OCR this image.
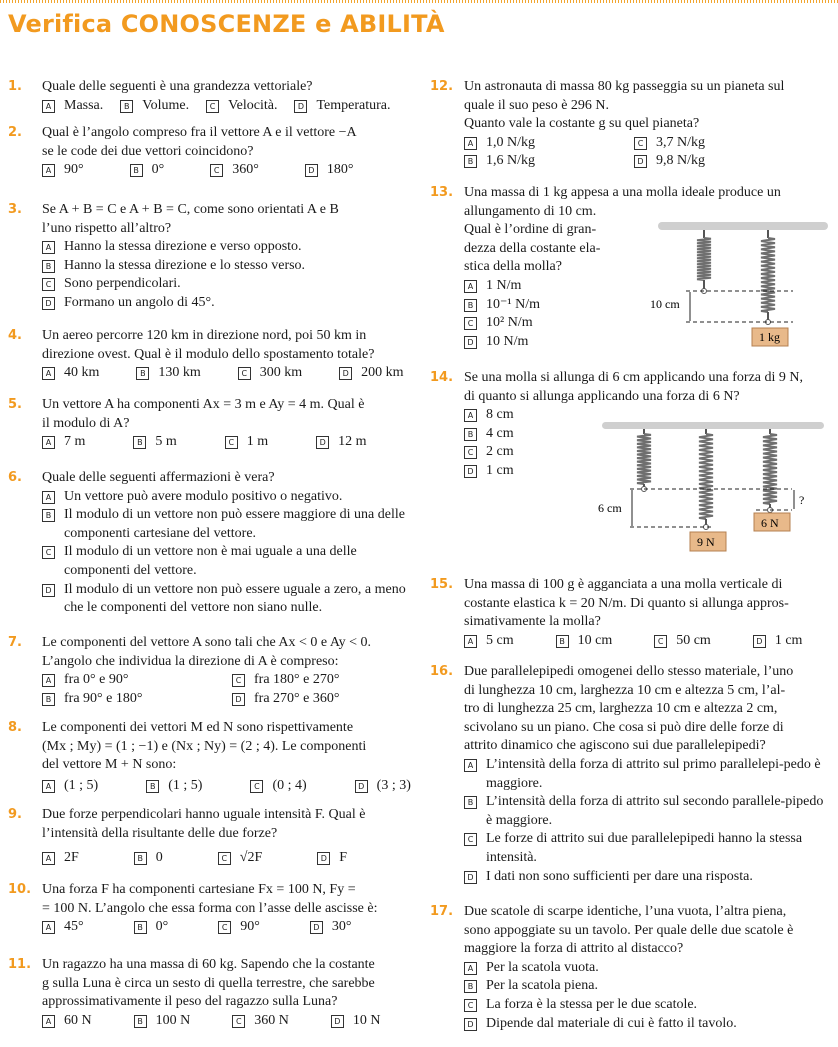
Verifica CONOSCENZE e ABILITÀ
1. Quale delle seguenti è una grandezza vettoriale?
A Massa.	B Volume.	C Velocità.	D Temperatura.
2. Qual è l’angolo compreso fra il vettore A e il vettore −A
se le code dei due vettori coincidono?
A 90°	B 0°	C 360°	D 180°
3. Se A + B = C e A + B = C, come sono orientati A e B
l’uno rispetto all’altro?
A Hanno la stessa direzione e verso opposto.
B Hanno la stessa direzione e lo stesso verso.
C Sono perpendicolari.
D Formano un angolo di 45°.
4. Un aereo percorre 120 km in direzione nord, poi 50 km in
direzione ovest. Qual è il modulo dello spostamento totale?
A 40 km	B 130 km	C 300 km	D 200 km
5. Un vettore A ha componenti Ax = 3 m e Ay = 4 m. Qual è
il modulo di A?
A 7 m	B 5 m	C 1 m	D 12 m
6. Quale delle seguenti affermazioni è vera?
A Un vettore può avere modulo positivo o negativo.
B Il modulo di un vettore non può essere maggiore di una delle componenti cartesiane del vettore.
C Il modulo di un vettore non è mai uguale a una delle componenti del vettore.
D Il modulo di un vettore non può essere uguale a zero, a meno che le componenti del vettore non siano nulle.
7. Le componenti del vettore A sono tali che Ax < 0 e Ay < 0.
L’angolo che individua la direzione di A è compreso:
A fra 0° e 90°	C fra 180° e 270°
B fra 90° e 180°	D fra 270° e 360°
8. Le componenti dei vettori M ed N sono rispettivamente
(Mx ; My) = (1 ; −1) e (Nx ; Ny) = (2 ; 4). Le componenti
del vettore M + N sono:
A (1 ; 5)	B (1 ; 5)	C (0 ; 4)	D (3 ; 3)
9. Due forze perpendicolari hanno uguale intensità F. Qual è
l’intensità della risultante delle due forze?
A 2F	B 0	C √2F	D F
10. Una forza F ha componenti cartesiane Fx = 100 N, Fy =
= 100 N. L’angolo che essa forma con l’asse delle ascisse è:
A 45°	B 0°	C 90°	D 30°
11. Un ragazzo ha una massa di 60 kg. Sapendo che la costante
g sulla Luna è circa un sesto di quella terrestre, che sarebbe
approssimativamente il peso del ragazzo sulla Luna?
A 60 N	B 100 N	C 360 N	D 10 N
12. Un astronauta di massa 80 kg passeggia su un pianeta sul
quale il suo peso è 296 N.
Quanto vale la costante g su quel pianeta?
A 1,0 N/kg	C 3,7 N/kg
B 1,6 N/kg	D 9,8 N/kg
13. Una massa di 1 kg appesa a una molla ideale produce un
allungamento di 10 cm.
Qual è l’ordine di gran-
dezza della costante ela-
stica della molla?
A 1 N/m
B 10⁻¹ N/m
C 10² N/m
D 10 N/m
14. Se una molla si allunga di 6 cm applicando una forza di 9 N,
di quanto si allunga applicando una forza di 6 N?
A 8 cm
B 4 cm
C 2 cm
D 1 cm
15. Una massa di 100 g è agganciata a una molla verticale di
costante elastica k = 20 N/m. Di quanto si allunga appros-
simativamente la molla?
A 5 cm	B 10 cm	C 50 cm	D 1 cm
16. Due parallelepipedi omogenei dello stesso materiale, l’uno
di lunghezza 10 cm, larghezza 10 cm e altezza 5 cm, l’al-
tro di lunghezza 25 cm, larghezza 10 cm e altezza 2 cm,
scivolano su un piano. Che cosa si può dire delle forze di
attrito dinamico che agiscono sui due parallelepipedi?
A L’intensità della forza di attrito sul primo parallelepi-pedo è maggiore.
B L’intensità della forza di attrito sul secondo parallele-pipedo è maggiore.
C Le forze di attrito sui due parallelepipedi hanno la stessa intensità.
D I dati non sono sufficienti per dare una risposta.
17. Due scatole di scarpe identiche, l’una vuota, l’altra piena,
sono appoggiate su un tavolo. Per quale delle due scatole è
maggiore la forza di attrito al distacco?
A Per la scatola vuota.
B Per la scatola piena.
C La forza è la stessa per le due scatole.
D Dipende dal materiale di cui è fatto il tavolo.
10 cm
1 kg
6 cm
?
9 N
6 N
